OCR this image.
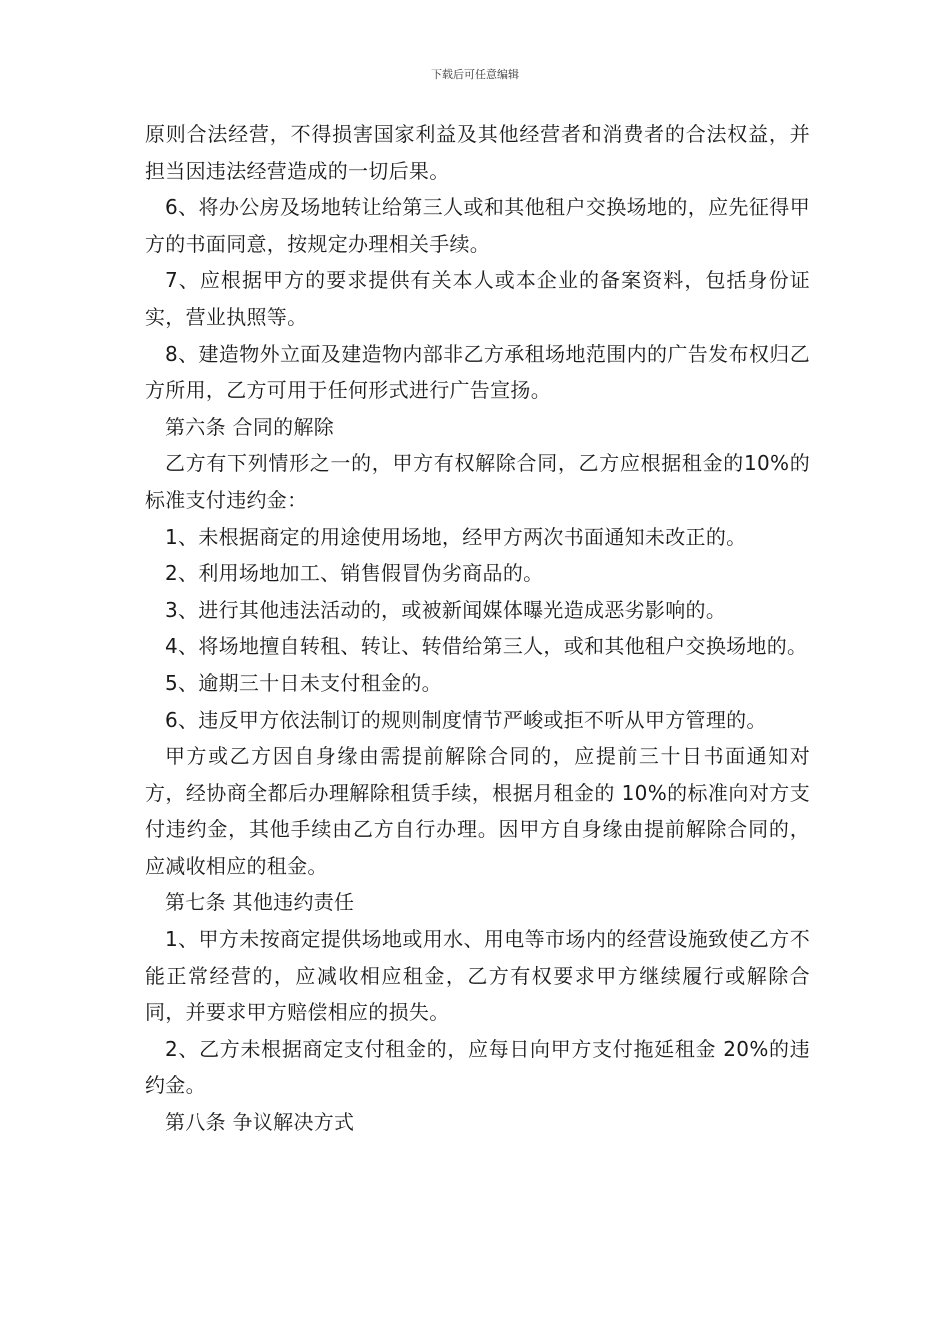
下载后可任意编辑

原则合法经营，不得损害国家利益及其他经营者和消费者的合法权益，并担当因违法经营造成的一切后果。

6、将办公房及场地转让给第三人或和其他租户交换场地的，应先征得甲方的书面同意，按规定办理相关手续。

7、应根据甲方的要求提供有关本人或本企业的备案资料，包括身份证实，营业执照等。

8、建造物外立面及建造物内部非乙方承租场地范围内的广告发布权归乙方所用，乙方可用于任何形式进行广告宣扬。

第六条 合同的解除

乙方有下列情形之一的，甲方有权解除合同，乙方应根据租金的10%的标准支付违约金：

1、未根据商定的用途使用场地，经甲方两次书面通知未改正的。

2、利用场地加工、销售假冒伪劣商品的。

3、进行其他违法活动的，或被新闻媒体曝光造成恶劣影响的。

4、将场地擅自转租、转让、转借给第三人，或和其他租户交换场地的。

5、逾期三十日未支付租金的。

6、违反甲方依法制订的规则制度情节严峻或拒不听从甲方管理的。

甲方或乙方因自身缘由需提前解除合同的，应提前三十日书面通知对方，经协商全都后办理解除租赁手续，根据月租金的 10%的标准向对方支付违约金，其他手续由乙方自行办理。因甲方自身缘由提前解除合同的，应减收相应的租金。

第七条 其他违约责任

1、甲方未按商定提供场地或用水、用电等市场内的经营设施致使乙方不能正常经营的，应减收相应租金，乙方有权要求甲方继续履行或解除合同，并要求甲方赔偿相应的损失。

2、乙方未根据商定支付租金的，应每日向甲方支付拖延租金 20%的违约金。

第八条 争议解决方式
